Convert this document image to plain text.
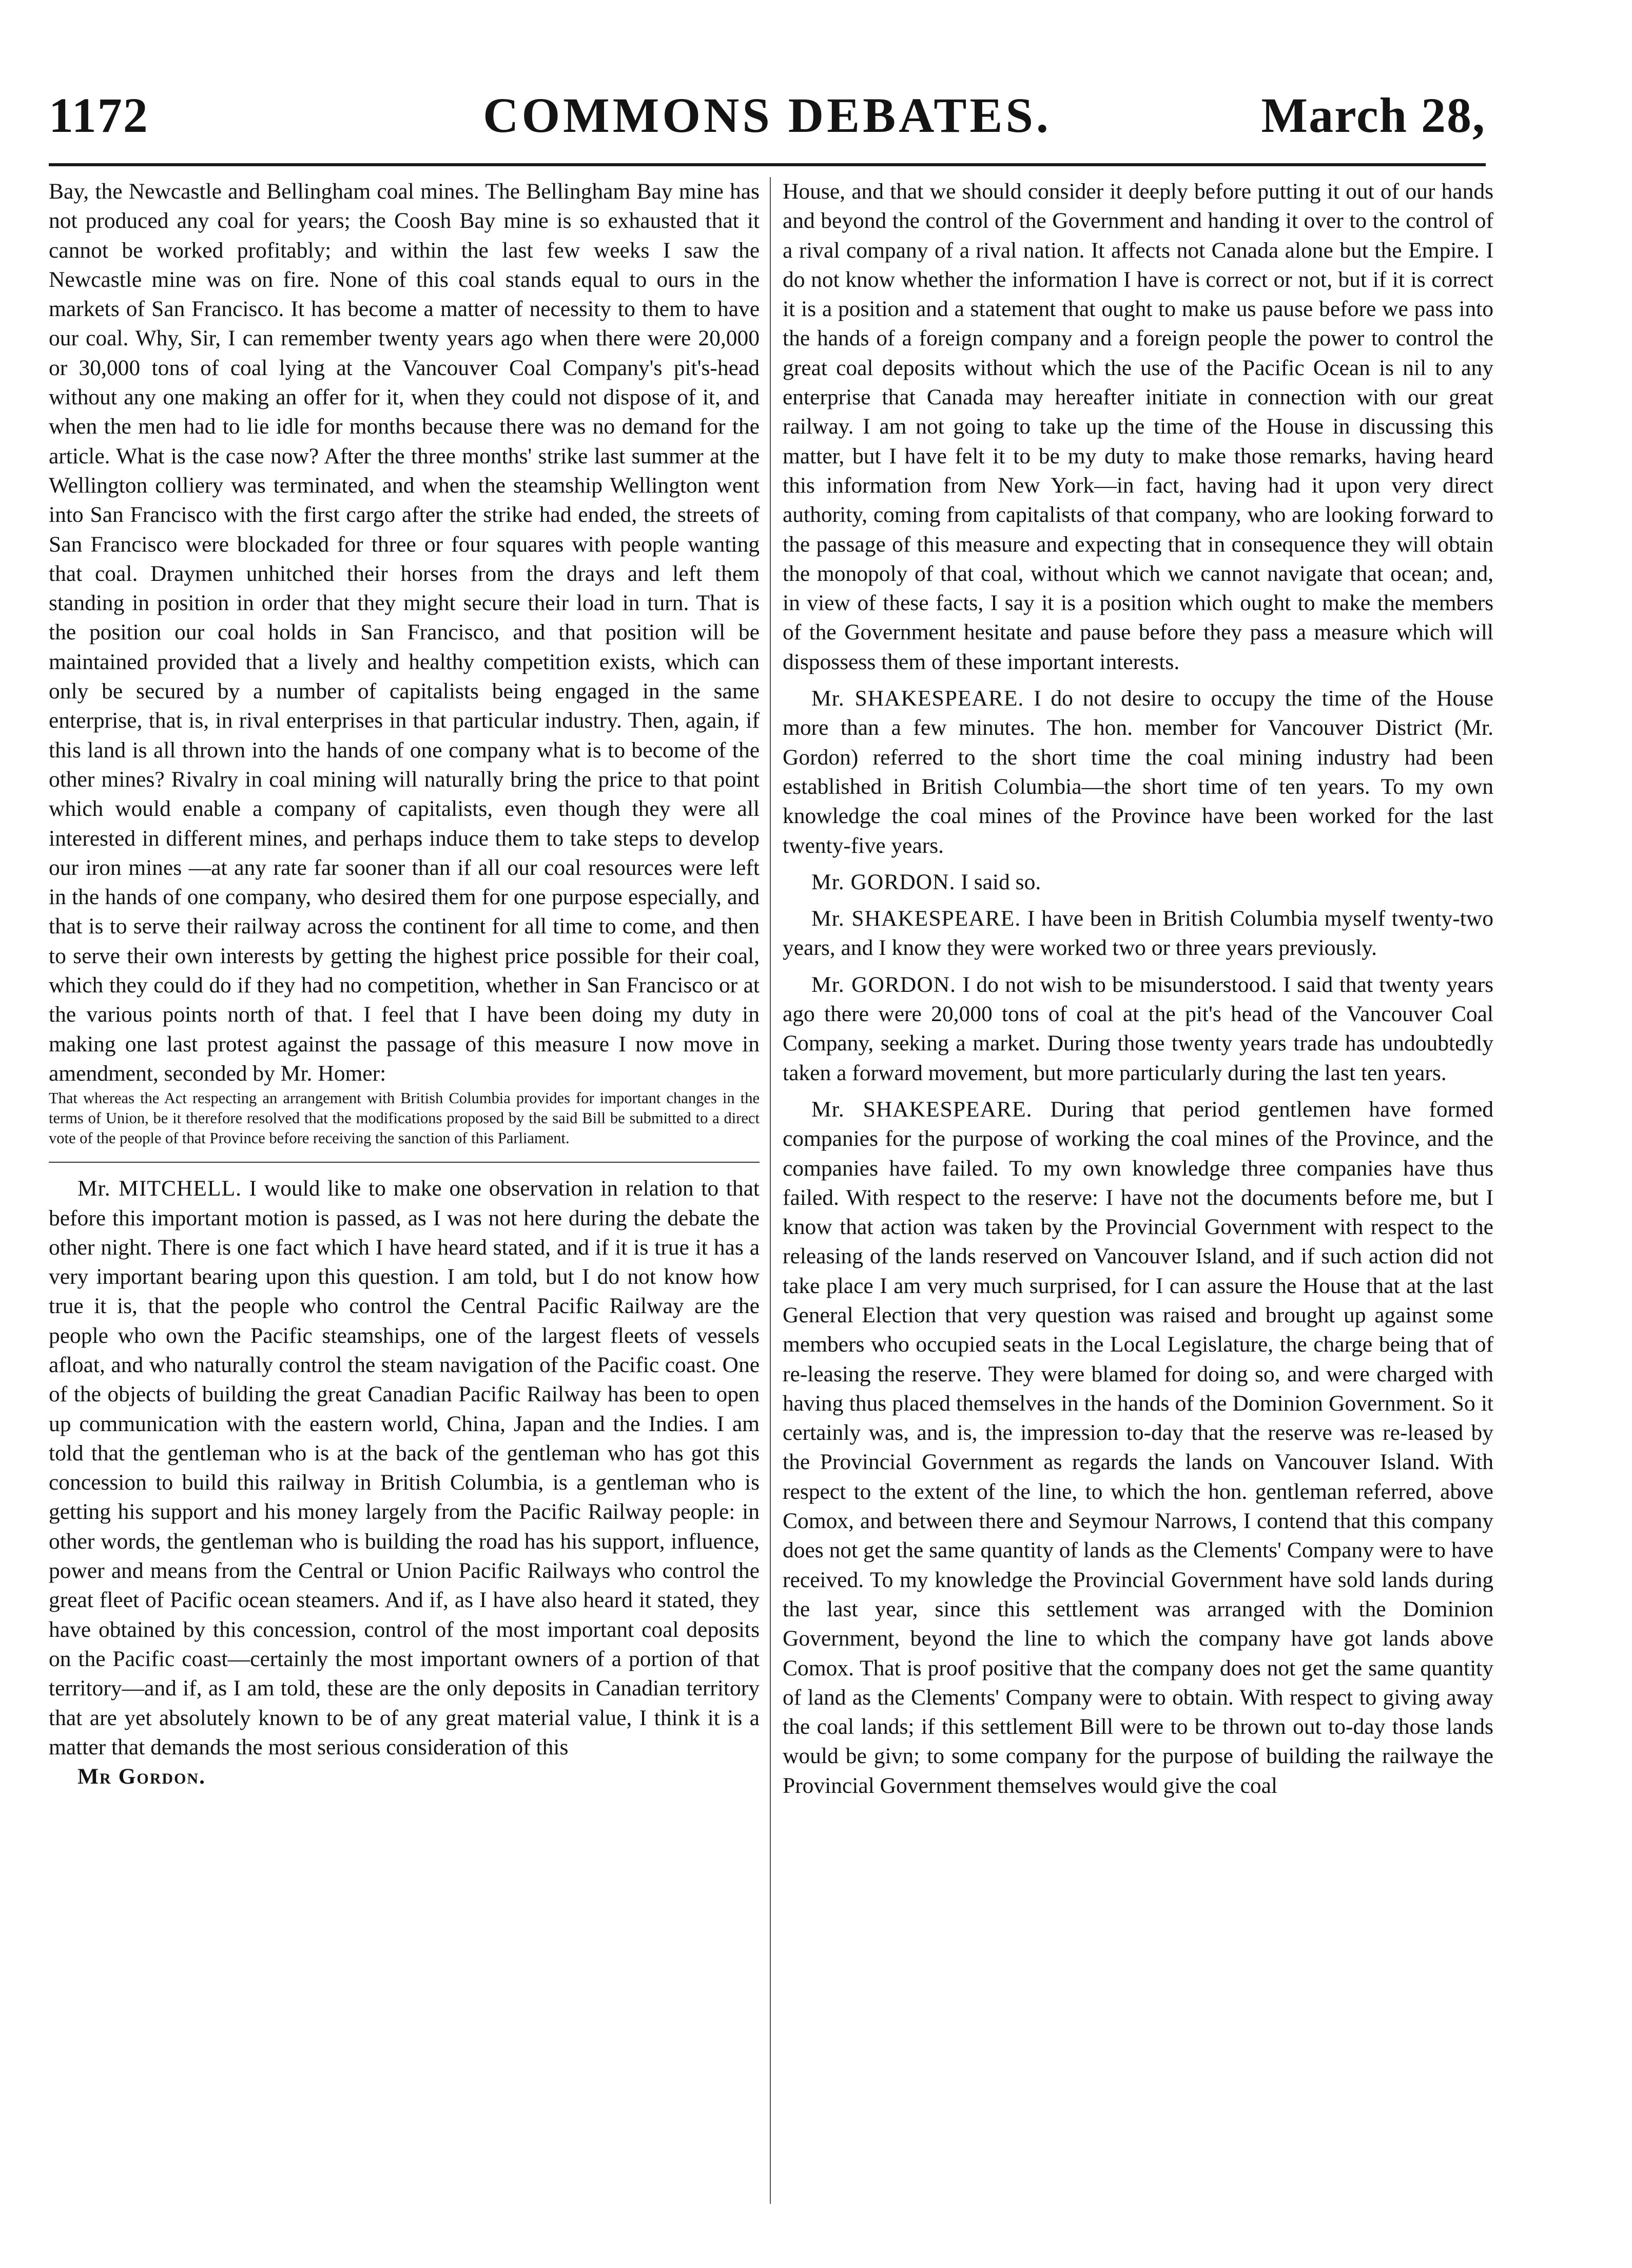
1172	COMMONS DEBATES.	March 28,

Bay, the Newcastle and Bellingham coal mines. The Bellingham Bay mine has not produced any coal for years; the Coosh Bay mine is so exhausted that it cannot be worked profitably; and within the last few weeks I saw the Newcastle mine was on fire. None of this coal stands equal to ours in the markets of San Francisco. It has become a matter of necessity to them to have our coal. Why, Sir, I can remember twenty years ago when there were 20,000 or 30,000 tons of coal lying at the Vancouver Coal Company's pit's-head without any one making an offer for it, when they could not dispose of it, and when the men had to lie idle for months because there was no demand for the article. What is the case now? After the three months' strike last summer at the Wellington colliery was terminated, and when the steamship Wellington went into San Francisco with the first cargo after the strike had ended, the streets of San Francisco were blockaded for three or four squares with people wanting that coal. Draymen unhitched their horses from the drays and left them standing in position in order that they might secure their load in turn. That is the position our coal holds in San Francisco, and that position will be maintained provided that a lively and healthy competition exists, which can only be secured by a number of capitalists being engaged in the same enterprise, that is, in rival enterprises in that particular industry. Then, again, if this land is all thrown into the hands of one company what is to become of the other mines? Rivalry in coal mining will naturally bring the price to that point which would enable a company of capitalists, even though they were all interested in different mines, and perhaps induce them to take steps to develop our iron mines —at any rate far sooner than if all our coal resources were left in the hands of one company, who desired them for one purpose especially, and that is to serve their railway across the continent for all time to come, and then to serve their own interests by getting the highest price possible for their coal, which they could do if they had no competition, whether in San Francisco or at the various points north of that. I feel that I have been doing my duty in making one last protest against the passage of this measure I now move in amendment, seconded by Mr. Homer:

That whereas the Act respecting an arrangement with British Columbia provides for important changes in the terms of Union, be it therefore resolved that the modifications proposed by the said Bill be submitted to a direct vote of the people of that Province before receiving the sanction of this Parliament.

Mr. MITCHELL. I would like to make one observation in relation to that before this important motion is passed, as I was not here during the debate the other night. There is one fact which I have heard stated, and if it is true it has a very important bearing upon this question. I am told, but I do not know how true it is, that the people who control the Central Pacific Railway are the people who own the Pacific steamships, one of the largest fleets of vessels afloat, and who naturally control the steam navigation of the Pacific coast. One of the objects of building the great Canadian Pacific Railway has been to open up communication with the eastern world, China, Japan and the Indies. I am told that the gentleman who is at the back of the gentleman who has got this concession to build this railway in British Columbia, is a gentleman who is getting his support and his money largely from the Pacific Railway people: in other words, the gentleman who is building the road has his support, influence, power and means from the Central or Union Pacific Railways who control the great fleet of Pacific ocean steamers. And if, as I have also heard it stated, they have obtained by this concession, control of the most important coal deposits on the Pacific coast—certainly the most important owners of a portion of that territory—and if, as I am told, these are the only deposits in Canadian territory that are yet absolutely known to be of any great material value, I think it is a matter that demands the most serious consideration of this

Mr Gordon.

House, and that we should consider it deeply before putting it out of our hands and beyond the control of the Government and handing it over to the control of a rival company of a rival nation. It affects not Canada alone but the Empire. I do not know whether the information I have is correct or not, but if it is correct it is a position and a statement that ought to make us pause before we pass into the hands of a foreign company and a foreign people the power to control the great coal deposits without which the use of the Pacific Ocean is nil to any enterprise that Canada may hereafter initiate in connection with our great railway. I am not going to take up the time of the House in discussing this matter, but I have felt it to be my duty to make those remarks, having heard this information from New York—in fact, having had it upon very direct authority, coming from capitalists of that company, who are looking forward to the passage of this measure and expecting that in consequence they will obtain the monopoly of that coal, without which we cannot navigate that ocean; and, in view of these facts, I say it is a position which ought to make the members of the Government hesitate and pause before they pass a measure which will dispossess them of these important interests.

Mr. SHAKESPEARE. I do not desire to occupy the time of the House more than a few minutes. The hon. member for Vancouver District (Mr. Gordon) referred to the short time the coal mining industry had been established in British Columbia—the short time of ten years. To my own knowledge the coal mines of the Province have been worked for the last twenty-five years.

Mr. GORDON. I said so.

Mr. SHAKESPEARE. I have been in British Columbia myself twenty-two years, and I know they were worked two or three years previously.

Mr. GORDON. I do not wish to be misunderstood. I said that twenty years ago there were 20,000 tons of coal at the pit's head of the Vancouver Coal Company, seeking a market. During those twenty years trade has undoubtedly taken a forward movement, but more particularly during the last ten years.

Mr. SHAKESPEARE. During that period gentlemen have formed companies for the purpose of working the coal mines of the Province, and the companies have failed. To my own knowledge three companies have thus failed. With respect to the reserve: I have not the documents before me, but I know that action was taken by the Provincial Government with respect to the releasing of the lands reserved on Vancouver Island, and if such action did not take place I am very much surprised, for I can assure the House that at the last General Election that very question was raised and brought up against some members who occupied seats in the Local Legislature, the charge being that of re-leasing the reserve. They were blamed for doing so, and were charged with having thus placed themselves in the hands of the Dominion Government. So it certainly was, and is, the impression to-day that the reserve was re-leased by the Provincial Government as regards the lands on Vancouver Island. With respect to the extent of the line, to which the hon. gentleman referred, above Comox, and between there and Seymour Narrows, I contend that this company does not get the same quantity of lands as the Clements' Company were to have received. To my knowledge the Provincial Government have sold lands during the last year, since this settlement was arranged with the Dominion Government, beyond the line to which the company have got lands above Comox. That is proof positive that the company does not get the same quantity of land as the Clements' Company were to obtain. With respect to giving away the coal lands; if this settlement Bill were to be thrown out to-day those lands would be givn; to some company for the purpose of building the railwaye the Provincial Government themselves would give the coal
